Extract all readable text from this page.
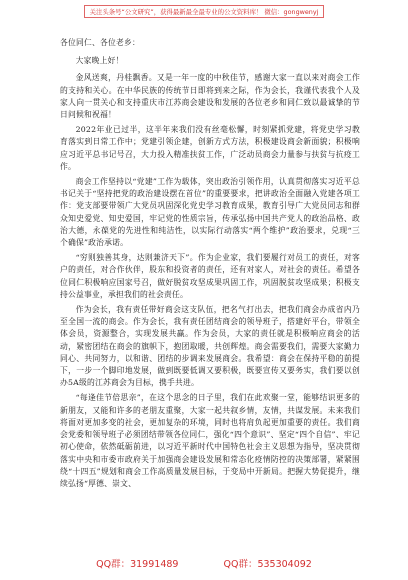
关注头条号“公文研究”，获得最新最全最专业的公文资料库！ 微信：gongwenyj

各位同仁、各位老乡：

大家晚上好！

金风送爽，丹桂飘香。又是一年一度的中秋佳节，感谢大家一直以来对商会工作的支持和关心。在中华民族的传统节日即将到来之际，作为会长，我谨代表我个人及家人向一贯关心和支持重庆市江苏商会建设和发展的各位老乡和同仁致以最诚挚的节日问候和祝福！

2022年业已过半，这半年来我们没有丝毫松懈，时刻紧抓党建，将党史学习教育落实到日常工作中；党建引领企建，创新方式方法，积极建设商会新面貌；积极响应习近平总书记号召，大力投入精准扶贫工作，广泛动员商会力量参与扶贫与抗疫工作。

商会工作坚持以“党建”工作为载体，突出政治引领作用，认真贯彻落实习近平总书记关于“坚持把党的政治建设摆在首位”的重要要求，把讲政治全面融入党建各项工作：党支部要带领广大党员巩固深化党史学习教育成果，教育引导广大党员同志和群众知史爱党、知史爱国，牢记党的性质宗旨，传承弘扬中国共产党人的政治品格、政治大德，永葆党的先进性和纯洁性，以实际行动落实“两个维护”政治要求，兑现“三个确保”政治承诺。

“穷则独善其身，达则兼济天下”。作为企业家，我们要履行对员工的责任，对客户的责任，对合作伙伴，股东和投资者的责任，还有对家人，对社会的责任。希望各位同仁积极响应国家号召，做好脱贫攻坚成果巩固工作，巩固脱贫攻坚成果；积极支持公益事业，承担我们的社会责任。

作为会长，我有责任带好商会这支队伍，把名气打出去，把我们商会办成省内乃至全国一流的商会。作为会长，我有责任团结商会的领导班子，搭建好平台，带领全体会员，资源整合，实现发展共赢。作为会员，大家的责任就是积极响应商会的活动，紧密团结在商会的旗帜下，抱团取暖，共创辉煌。商会需要我们，需要大家勤力同心、共同努力，以和谐、团结的步调来发展商会。我希望：商会在保持平稳的前提下，一步一个脚印地发展，做到既要低调又要积极，既要宣传又要务实，我们要以创办5A级的江苏商会为目标，携手共进。

“每逢佳节倍思亲”，在这个思念的日子里，我们在此欢聚一堂，能够结识更多的新朋友，又能和许多的老朋友重聚，大家一起共叙乡情，友情，共谋发展。未来我们将面对更加多变的社会，更加复杂的环境，同时也将肩负起更加重要的责任。我们商会党委和领导班子必须团结带领各位同仁，强化“四个意识”、坚定“四个自信”、牢记初心使命，依然砥砺前进，以习近平新时代中国特色社会主义思想为指导，坚决贯彻落实中央和市委市政府关于加强商会建设发展和常态化疫情防控的决策部署，紧紧围绕“十四五”规划和商会工作高质量发展目标，于变局中开新局。把握大势促提升，继续弘扬“厚德、崇文、

QQ群：31991489	QQ群：535304092
